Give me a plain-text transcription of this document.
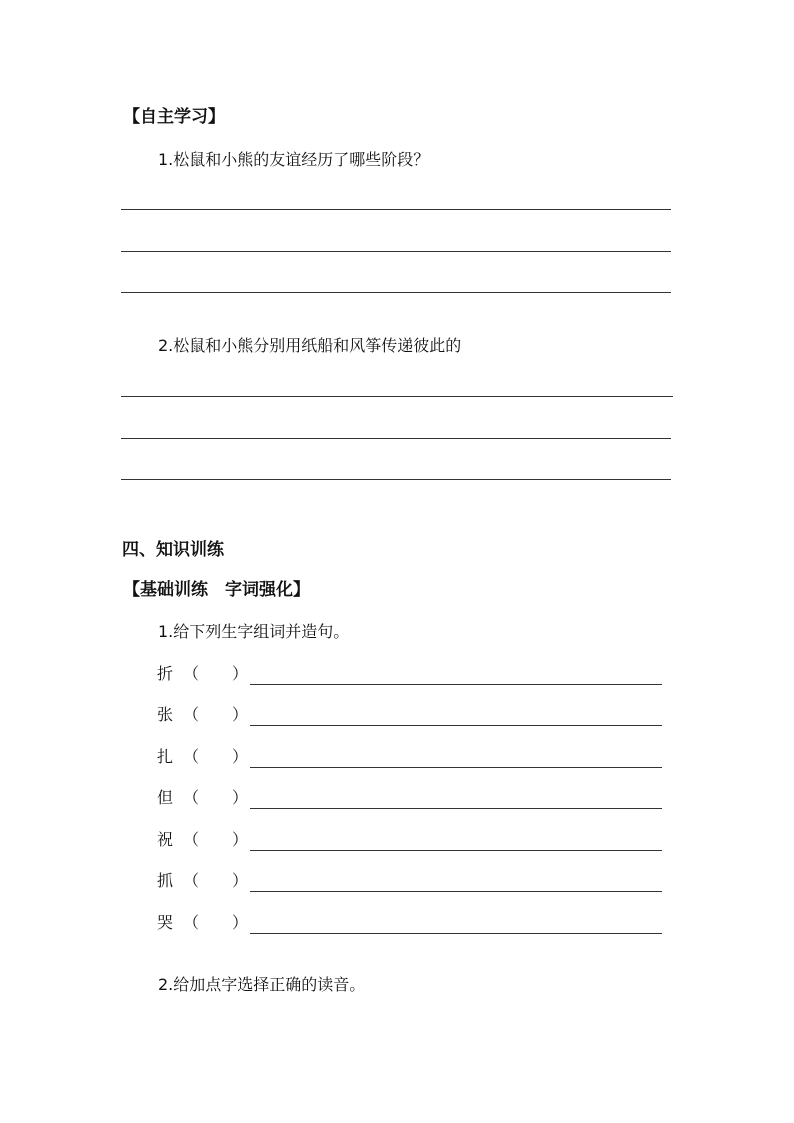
【自主学习】
1.松鼠和小熊的友谊经历了哪些阶段？
2.松鼠和小熊分别用纸船和风筝传递彼此的
四、知识训练
【基础训练　字词强化】
1.给下列生字组词并造句。
折 （ ）
张 （ ）
扎 （ ）
但 （ ）
祝 （ ）
抓 （ ）
哭 （ ）
2.给加点字选择正确的读音。
